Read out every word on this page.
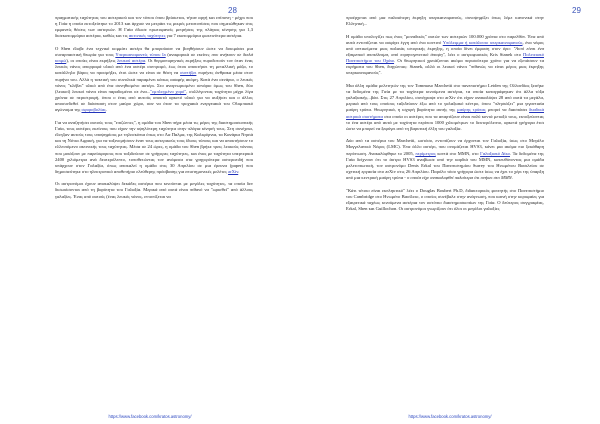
28

πραγματικής ταχύτητας του αστερικού και τον τόπου όπου βρίσκεται, τήταν αργή και επίπονη - μέχρι που η Γαία η οποία εκτοξεύτηκε το 2013 και άρχισε να μετράει τις μικρές μετατοπίσεις που σημειώθηκαν στις εμφανείς θέσεις των αστεριών. Η Γαία έδωσε πρωτοφανείς μετρήσεις της πλάγιας κίνησης για 1,3 δισεκατομμύρια αστέρια, καθώς και τις ακτινικές ταχύτητες για 7 εκατομμύρια φωτεινότερα αστέρια.

Ο Shen έλαβε ένα τεχνικό κομμάτι αστέρι θα μπορούσαν να βοηθήσουν ώστε να δοκιμάσει μια συναρπαστική θεωρία για τους Υπερκαινοφανείς τύπου Ia (αναφορικά σε εκείνες που ανήκουν σε διπλά κοιμώ), οι οποίες είναι εκρήξεις λευκού αστέρα. Οι θερμοπυρηνικές εκρήξεις πυροδοτούν τον όταν ένας λευκός νάνος απορροφά υλικό από ένα αστέρι συντροφό, έως ότου αποκτήσει τη μεταλλική μάζα, το κατάλληλο βάρος να προσμήξει, έτσι ώστε να είναι σε θέση να συντήξει πυρήνες άνθρακα μέσα στον πυρήνα του. Αλλά η τακτική του συνολικά παραμένει κάπως ασαφής ακόμη. Κατά ένα σενάριο, ο λευκός νάνος "κλέβει" υλικό από ένα συνηθισμένο αστέρι. Στο αναγνωρισμένο σενάριο όμως του Shen, δύο (λευκοί) λευκοί νάνοι είναι παραδομένοι σε ένα..."εμπλεγμένο χορό", συλλέγοντας ταχύτητα μέχρι λίγα χρόνια σε περιστροφή, όπου ο ένας από αυτούς αποκτά αρκετό υλικό για να αυξήσει και ο άλλος αποσυνδεθεί σε διάσπαση στον μαύρο χώρο, σαν να όταν τα τροχιακά ενεργειακά του Ολυμπιακό αγώνισμα της σφυροβολίας.

Για να αναζητήσει αυτούς τους "επιζώντες", η ομάδα του Shen πήρε μέσα τις μέρες της διαστημοσκοπικής Γαία, τους αστέρες εκείνους που είχαν την υψηλότερη ταχύτητα στην πλάγια κίνησή τους. Στη συνέχεια, έλεγξαν αυτούς τους υποψηφίους με τηλεσκόπια όπως στο Λα Παλμα, της Καλιφόρνια, τα Κανάρια Νησιά και τη Νότια Αφρική, για να ταξινομήσουν έναν τους αστερικούς τους ίδιους τύπους και να αποκτήσουν το ελλειπόμενο ακτινικής τους ταχύτητας. Μέσα σε 24 ώρες, η ομάδα του Shen βρήκε τρεις λευκούς νάνους που μοιάζουν με παρείσφορους που ταξιδεύουν σε γρήγορες ταχύτητες, και ένας με ταχύτητα υπερτερικά 2400 χιλιόμετρα ανά δευτερόλεπτο, τοποθετώντας τον ανάμεσα στα γρηγορότερα αστεροειδή που υπάρχουν στον Γαλαξία, όπως αποκαλεί η ομάδα στις 30 Απριλίου σε μια έρευνα (paper) που δημοσιεύτηκε στο ηλεκτρονικό αποθετήριο ελεύθερης πρόσβασης για επιστημονικές μελέτες arXiv.

Οι αστρονόμοι έχουν ανακαλύψει δεκάδες αστέρια που κινούνται με μεγάλες ταχύτητες, τα οποία δεν δισωυίσονται από τη βαρύτητα του Γαλαξία. Μερικά από αυτά είναι πιθανό να "ωρισθεί" από άλλους γαλαξίες. Ένας από αυτούς (ένας λευκός νάνος, εντοπίζεται να

https://www.facebook.com/kratos.astronomy/
29

προέρχεται από μια παλαιότερη έκρηξη υπερκαινοφανούς, συνοψηφίζει όπως λέμε κανονικά στην Ελληνική...

Η ομάδα υπολογίζει πως ένας "μοναδικός" αυτών των αστεριών 100.000 χρόνια στο παρελθόν. Ένα από αυτά εντοπίζεται να ασφίγει έγγη από ένα κοντινό Υπόλειμμα ή κατάλοιπο υπερκαινοφανούς, ένα νέφος από αντικείμενα μιας παλαιάς ιστορικής έκρηξης, η οποία δίνει έμφαση στον όρο: "Αυτό είναι ένα εξαιρετικό αποτέλεσμα, από πυρηνογενετικό άποψη", λέει ο αστροφυσικός Kris Stanek στο Πολιτειακό Πανεπιστήμιο του Οχάιο. Οι θεωρητικοί χρειάζονται ακόμα περισσότερο χρόνο για να εξετάσουν τα ευρήματα του Shen, διηγώντας: Stanek, αλλά οι λευκοί νάνοι "πιθανώς να είναι μέρος μιας έκρηξης υπερκαινοφανούς".

Μια άλλη ομάδα μελετητών της τον Tommaso Marchetti στο πανεπιστήμιο Leiden της Ολλανδίας ξεσήκε τα δεδομένα της Γαία με τα ταχύτερα κινούμενα αστέρια, τα οποία καταγράφηκαν ότι άλλα τόξα γαλαξιακής...βάσ. Στις 27 Απριλίου, συνέγραψε στο arXiv ότι είχαν ανακαλύψει 28 από αυτά τα μεγάλα, μερικά από τους οποίους ταξιδεύουν έξω από το γαλαξιακό κέντρο, όπου "πλησιάζει" μια γιγαντιαία μαύρη τρύπα. Θεωρητικά, η ισχυρή βαρύτητα αυτής της μαύρης τρύπας μπορεί να διασπάσει δυαδικά αστρικά συστήματα στα οποία οι αστέρες που τα απαρτίζουν είναι πολύ κοντά μεταξύ τους, εκτοξεύοντας το ένα αστέρι από αυτά με ταχύτητα περίπου 1000 χιλιομέτρων το δευτερόλεπτο, αρκετά γρήγορα έτσι ώστε να μπορεί να ξεφύγει από τη βαρυτική έλξη του γαλαξία.

Δύο από τα αστέρια του Marchetti, ωστόσο, εντοπίζουν να έρχονται τον Γαλαξία, ίσως στο Μεγάλο Μαγγελανικό Νέφος (LMC). Ένα άλλο αστέρι, που ονομάζεται HVS3, κάνει μια ακόμα πιο ξεκάθαρη περίπτωση. Ανακαλύφθηκε το 2005, περίμετρος κοντά στο MMN, στο Γαλαξιακό Δίκο. Τα δεδομένα της Γαία δείχνουν ότι το άστρο HVS3 αναβίωσε από την καρδιά του MMN, κατευθύνοντας μια ομάδα μελετοπιωτική, τον αστρονόμο Denis Erkal του Πανεπιστημίου Surrey του Ηνωμένου Βασιλείου σε σχετική εργασία στο arXiv στις 26 Απριλίου. Παρόλο τόσο γρήγορα ώστε ίσως να έχει το χέρι της ύπαρξη από μια κεντρική μαύρη τρύπα - ο οποία είχε ανακαλυφθεί παλιότερα ότι ονήκει στο MMN.

"Κάτι τέτοιο είναι εκπληκτικό" λέει ο Douglas Boubert Ph.D, διδακτορικός φοιτητής στο Πανεπιστήμιο του Cambridge στο Ηνωμένο Βασίλειο, ο οποίος συνέβαλε στην ανάγνωση, που καινή στην κορυφαίες για εξαιρετικά ταχέως κινούμενα αστέρια τον οστόπιο διαστημοσκοπίων της Γαία. Ο δεύτερος συγγραφέας, Erkal, Shen και Guillochon. Οι αστρονόμοι γνωρίζουν ότι όλοι οι μεγάλοι γαλαξίες

https://www.facebook.com/kratos.astronomy/
